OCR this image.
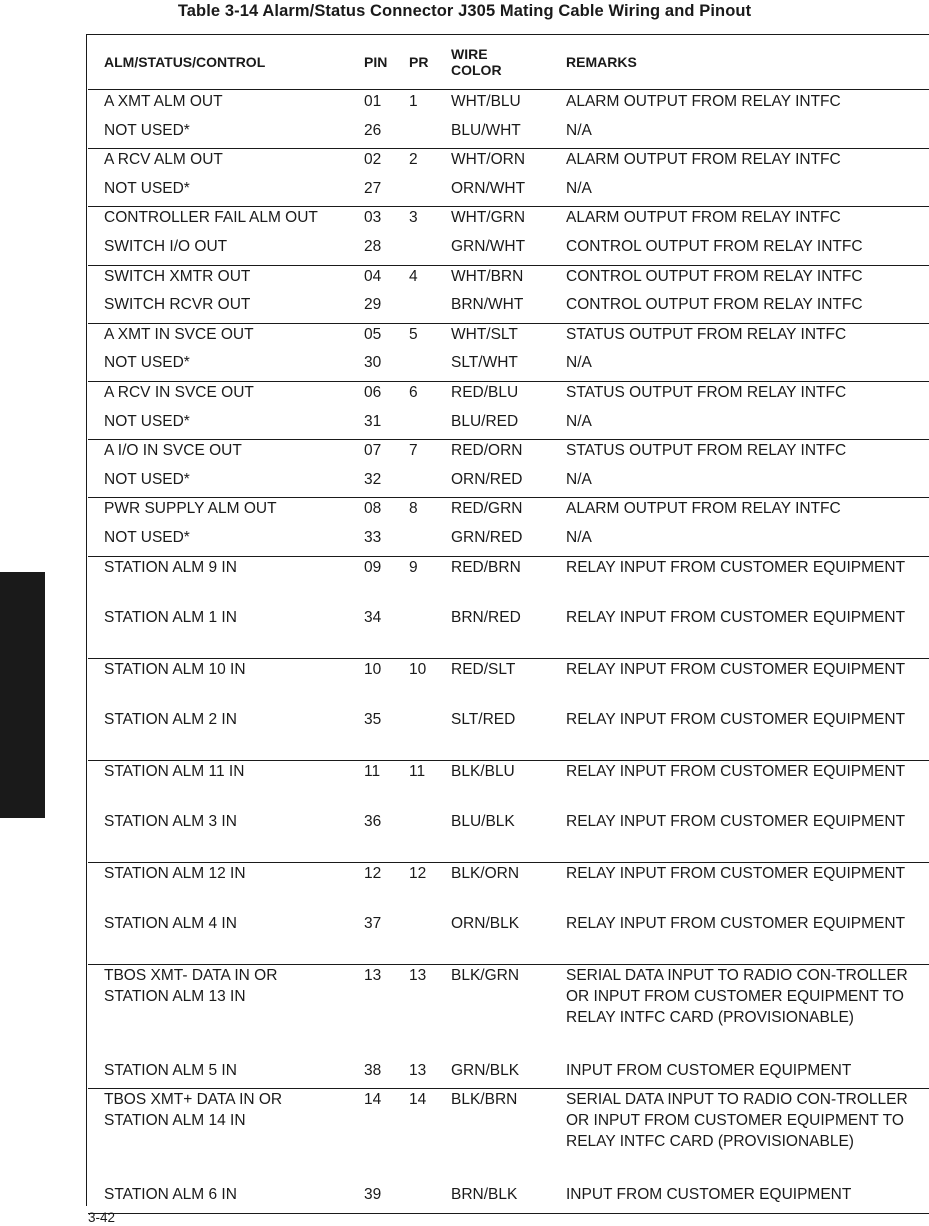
Table 3-14 Alarm/Status Connector J305 Mating Cable Wiring and Pinout
ALM/STATUS/CONTROL	PIN	PR	WIRE COLOR	REMARKS
A XMT ALM OUT	01	1	WHT/BLU	ALARM OUTPUT FROM RELAY INTFC
NOT USED*	26		BLU/WHT	N/A
A RCV ALM OUT	02	2	WHT/ORN	ALARM OUTPUT FROM RELAY INTFC
NOT USED*	27		ORN/WHT	N/A
CONTROLLER FAIL ALM OUT	03	3	WHT/GRN	ALARM OUTPUT FROM RELAY INTFC
SWITCH I/O OUT	28		GRN/WHT	CONTROL OUTPUT FROM RELAY INTFC
SWITCH XMTR OUT	04	4	WHT/BRN	CONTROL OUTPUT FROM RELAY INTFC
SWITCH RCVR OUT	29		BRN/WHT	CONTROL OUTPUT FROM RELAY INTFC
A XMT IN SVCE OUT	05	5	WHT/SLT	STATUS OUTPUT FROM RELAY INTFC
NOT USED*	30		SLT/WHT	N/A
A RCV IN SVCE OUT	06	6	RED/BLU	STATUS OUTPUT FROM RELAY INTFC
NOT USED*	31		BLU/RED	N/A
A I/O IN SVCE OUT	07	7	RED/ORN	STATUS OUTPUT FROM RELAY INTFC
NOT USED*	32		ORN/RED	N/A
PWR SUPPLY ALM OUT	08	8	RED/GRN	ALARM OUTPUT FROM RELAY INTFC
NOT USED*	33		GRN/RED	N/A
STATION ALM 9 IN	09	9	RED/BRN	RELAY INPUT FROM CUSTOMER EQUIPMENT
STATION ALM 1 IN	34		BRN/RED	RELAY INPUT FROM CUSTOMER EQUIPMENT
STATION ALM 10 IN	10	10	RED/SLT	RELAY INPUT FROM CUSTOMER EQUIPMENT
STATION ALM 2 IN	35		SLT/RED	RELAY INPUT FROM CUSTOMER EQUIPMENT
STATION ALM 11 IN	11	11	BLK/BLU	RELAY INPUT FROM CUSTOMER EQUIPMENT
STATION ALM 3 IN	36		BLU/BLK	RELAY INPUT FROM CUSTOMER EQUIPMENT
STATION ALM 12 IN	12	12	BLK/ORN	RELAY INPUT FROM CUSTOMER EQUIPMENT
STATION ALM 4 IN	37		ORN/BLK	RELAY INPUT FROM CUSTOMER EQUIPMENT
TBOS XMT- DATA IN OR STATION ALM 13 IN	13	13	BLK/GRN	SERIAL DATA INPUT TO RADIO CON-TROLLER OR INPUT FROM CUSTOMER EQUIPMENT TO RELAY INTFC CARD (PROVISIONABLE)
STATION ALM 5 IN	38	13	GRN/BLK	INPUT FROM CUSTOMER EQUIPMENT
TBOS XMT+ DATA IN OR STATION ALM 14 IN	14	14	BLK/BRN	SERIAL DATA INPUT TO RADIO CON-TROLLER OR INPUT FROM CUSTOMER EQUIPMENT TO RELAY INTFC CARD (PROVISIONABLE)
STATION ALM 6 IN	39		BRN/BLK	INPUT FROM CUSTOMER EQUIPMENT
3-42
